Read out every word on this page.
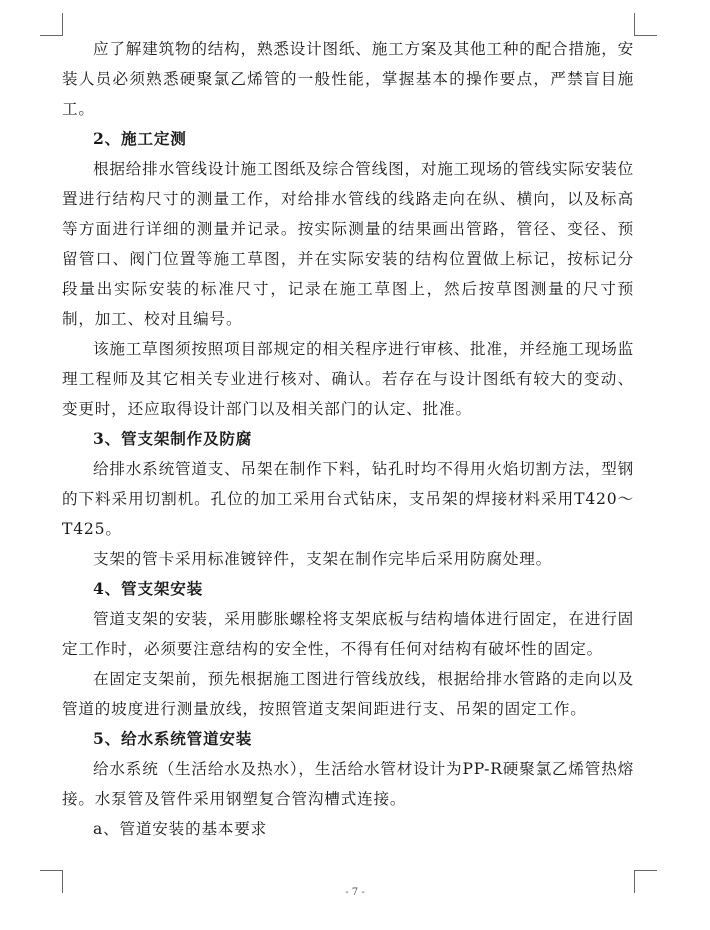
应了解建筑物的结构，熟悉设计图纸、施工方案及其他工种的配合措施，安装人员必须熟悉硬聚氯乙烯管的一般性能，掌握基本的操作要点，严禁盲目施工。

2、施工定测

根据给排水管线设计施工图纸及综合管线图，对施工现场的管线实际安装位置进行结构尺寸的测量工作，对给排水管线的线路走向在纵、横向，以及标高等方面进行详细的测量并记录。按实际测量的结果画出管路，管径、变径、预留管口、阀门位置等施工草图，并在实际安装的结构位置做上标记，按标记分段量出实际安装的标准尺寸，记录在施工草图上，然后按草图测量的尺寸预制，加工、校对且编号。

该施工草图须按照项目部规定的相关程序进行审核、批准，并经施工现场监理工程师及其它相关专业进行核对、确认。若存在与设计图纸有较大的变动、变更时，还应取得设计部门以及相关部门的认定、批准。

3、管支架制作及防腐

给排水系统管道支、吊架在制作下料，钻孔时均不得用火焰切割方法，型钢的下料采用切割机。孔位的加工采用台式钻床，支吊架的焊接材料采用T420～T425。

支架的管卡采用标准镀锌件，支架在制作完毕后采用防腐处理。

4、管支架安装

管道支架的安装，采用膨胀螺栓将支架底板与结构墙体进行固定，在进行固定工作时，必须要注意结构的安全性，不得有任何对结构有破坏性的固定。

在固定支架前，预先根据施工图进行管线放线，根据给排水管路的走向以及管道的坡度进行测量放线，按照管道支架间距进行支、吊架的固定工作。

5、给水系统管道安装

给水系统（生活给水及热水），生活给水管材设计为PP-R硬聚氯乙烯管热熔接。水泵管及管件采用钢塑复合管沟槽式连接。

a、管道安装的基本要求

- 7 -
